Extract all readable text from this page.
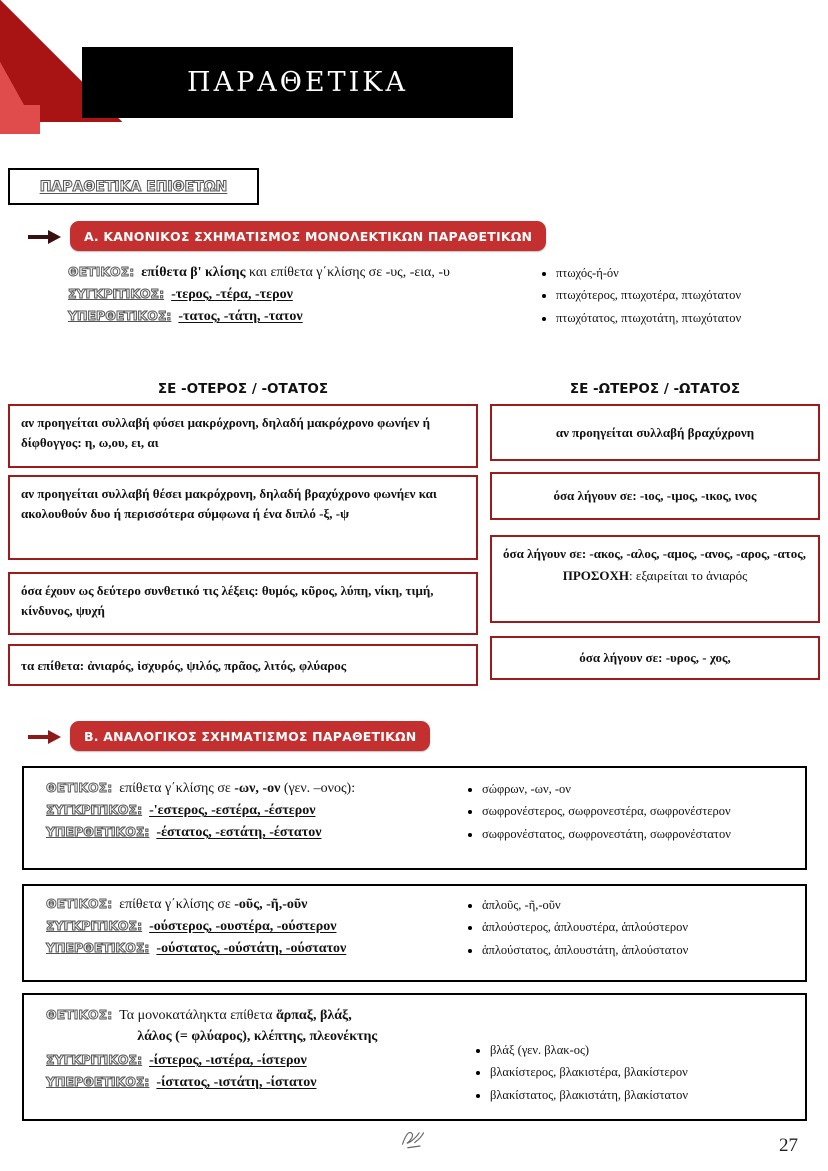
ΠΑΡΑΘΕΤΙΚΑ
ΠΑΡΑΘΕΤΙΚΑ ΕΠΙΘΕΤΩΝ
Α. ΚΑΝΟΝΙΚΟΣ ΣΧΗΜΑΤΙΣΜΟΣ ΜΟΝΟΛΕΚΤΙΚΩΝ ΠΑΡΑΘΕΤΙΚΩΝ
ΘΕΤΙΚΟΣ: επίθετα β' κλίσης και επίθετα γ΄κλίσης σε -υς, -εια, -υ
ΣΥΓΚΡΙΤΙΚΟΣ: -τερος, -τέρα, -τερον
ΥΠΕΡΘΕΤΙΚΟΣ: -τατος, -τάτη, -τατον
πτωχός-ή-όν
πτωχότερος, πτωχοτέρα, πτωχότατον
πτωχότατος, πτωχοτάτη, πτωχότατον
ΣΕ -ΟΤΕΡΟΣ / -ΟΤΑΤΟΣ	ΣΕ -ΩΤΕΡΟΣ / -ΩΤΑΤΟΣ

αν προηγείται συλλαβή φύσει μακρόχρονη, δηλαδή μακρόχρονο φωνήεν ή δίφθογγος: η, ω,ου, ει, αι

αν προηγείται συλλαβή θέσει μακρόχρονη, δηλαδή βραχύχρονο φωνήεν και ακολουθούν δυο ή περισσότερα σύμφωνα ή ένα διπλό -ξ, -ψ

όσα έχουν ως δεύτερο συνθετικό τις λέξεις: θυμός, κῦρος, λύπη, νίκη, τιμή, κίνδυνος, ψυχή

τα επίθετα: ἀνιαρός, ἰσχυρός, ψιλός, πρᾶος, λιτός, φλύαρος

αν προηγείται συλλαβή βραχύχρονη

όσα λήγουν σε: -ιος, -ιμος, -ικος, ινος

όσα λήγουν σε: -ακος, -αλος, -αμος, -ανος, -αρος, -ατος,

ΠΡΟΣΟΧΗ: εξαιρείται το ἀνιαρός

όσα λήγουν σε: -υρος, - χος,

Β. ΑΝΑΛΟΓΙΚΟΣ ΣΧΗΜΑΤΙΣΜΟΣ ΠΑΡΑΘΕΤΙΚΩΝ
ΘΕΤΙΚΟΣ: επίθετα γ΄κλίσης σε -ων, -ον (γεν. –ονος):
ΣΥΓΚΡΙΤΙΚΟΣ: -'εστερος, -εστέρα, -έστερον
ΥΠΕΡΘΕΤΙΚΟΣ: -έστατος, -εστάτη, -έστατον
σώφρων, -ων, -ον
σωφρονέστερος, σωφρονεστέρα, σωφρονέστερον
σωφρονέστατος, σωφρονεστάτη, σωφρονέστατον
ΘΕΤΙΚΟΣ: επίθετα γ΄κλίσης σε -οῦς, -ῆ,-οῦν
ΣΥΓΚΡΙΤΙΚΟΣ: -ούστερος, -ουστέρα, -ούστερον
ΥΠΕΡΘΕΤΙΚΟΣ: -ούστατος, -ούστάτη, -ούστατον
ἁπλοῦς, -ῆ,-οῦν
ἁπλούστερος, ἁπλουστέρα, ἁπλούστερον
ἁπλούστατος, ἁπλουστάτη, ἁπλούστατον
ΘΕΤΙΚΟΣ: Τα μονοκατάληκτα επίθετα ἅρπαξ, βλάξ,
λάλος (= φλύαρος), κλέπτης, πλεονέκτης
ΣΥΓΚΡΙΤΙΚΟΣ: -ίστερος, -ιστέρα, -ίστερον
ΥΠΕΡΘΕΤΙΚΟΣ: -ίστατος, -ιστάτη, -ίστατον
βλάξ (γεν. βλακ-ος)
βλακίστερος, βλακιστέρα, βλακίστερον
βλακίστατος, βλακιστάτη, βλακίστατον
27
